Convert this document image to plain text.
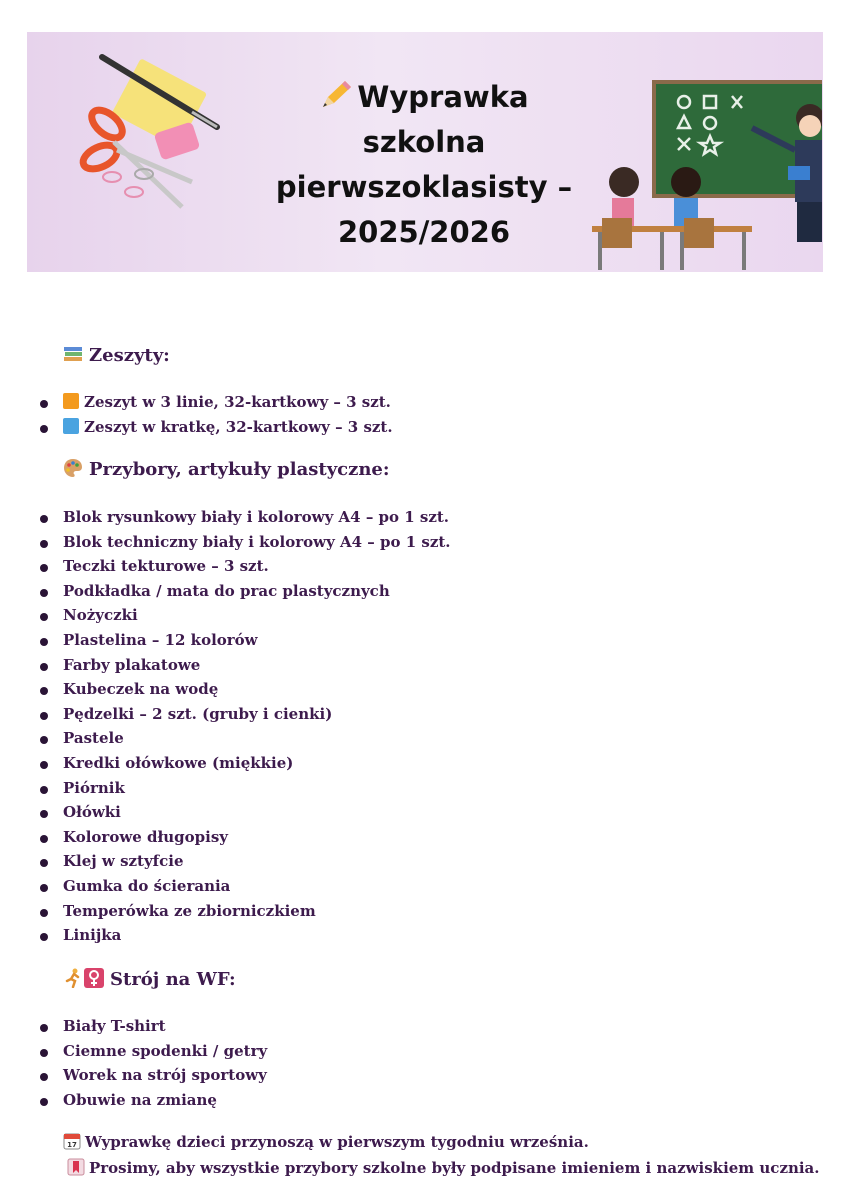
Wyprawka
szkolna
pierwszoklasisty –
2025/2026
Zeszyty:
Zeszyt w 3 linie, 32-kartkowy – 3 szt.
Zeszyt w kratkę, 32-kartkowy – 3 szt.
Przybory, artykuły plastyczne:
Blok rysunkowy biały i kolorowy A4 – po 1 szt.
Blok techniczny biały i kolorowy A4 – po 1 szt.
Teczki tekturowe – 3 szt.
Podkładka / mata do prac plastycznych
Nożyczki
Plastelina – 12 kolorów
Farby plakatowe
Kubeczek na wodę
Pędzelki – 2 szt. (gruby i cienki)
Pastele
Kredki ołówkowe (miękkie)
Piórnik
Ołówki
Kolorowe długopisy
Klej w sztyfcie
Gumka do ścierania
Temperówka ze zbiorniczkiem
Linijka
Strój na WF:
Biały T-shirt
Ciemne spodenki / getry
Worek na strój sportowy
Obuwie na zmianę
17 Wyprawkę dzieci przynoszą w pierwszym tygodniu września.
Prosimy, aby wszystkie przybory szkolne były podpisane imieniem i nazwiskiem ucznia.
